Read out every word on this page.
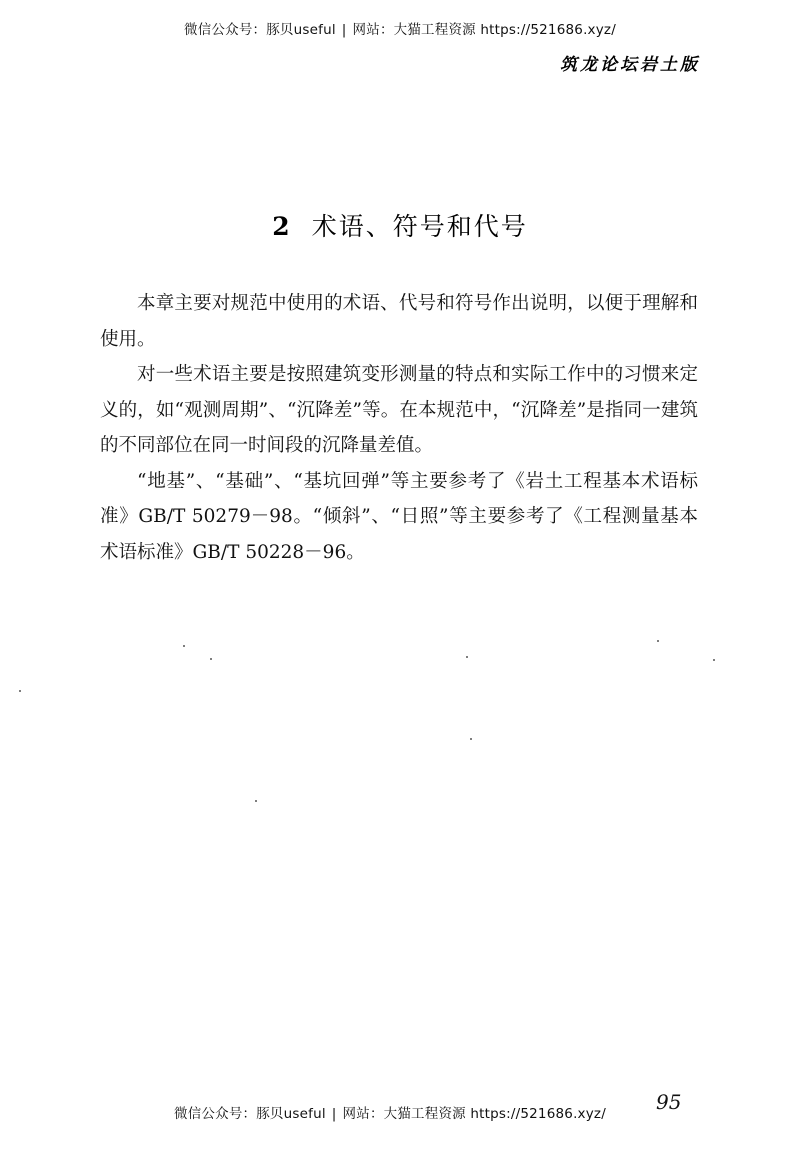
微信公众号：豚贝useful | 网站：大猫工程资源 https://521686.xyz/
筑龙论坛岩土版
2 术语、符号和代号

本章主要对规范中使用的术语、代号和符号作出说明，以便于理解和使用。

对一些术语主要是按照建筑变形测量的特点和实际工作中的习惯来定义的，如“观测周期”、“沉降差”等。在本规范中，“沉降差”是指同一建筑的不同部位在同一时间段的沉降量差值。

“地基”、“基础”、“基坑回弹”等主要参考了《岩土工程基本术语标准》GB/T 50279－98。“倾斜”、“日照”等主要参考了《工程测量基本术语标准》GB/T 50228－96。

微信公众号：豚贝useful | 网站：大猫工程资源 https://521686.xyz/	95
